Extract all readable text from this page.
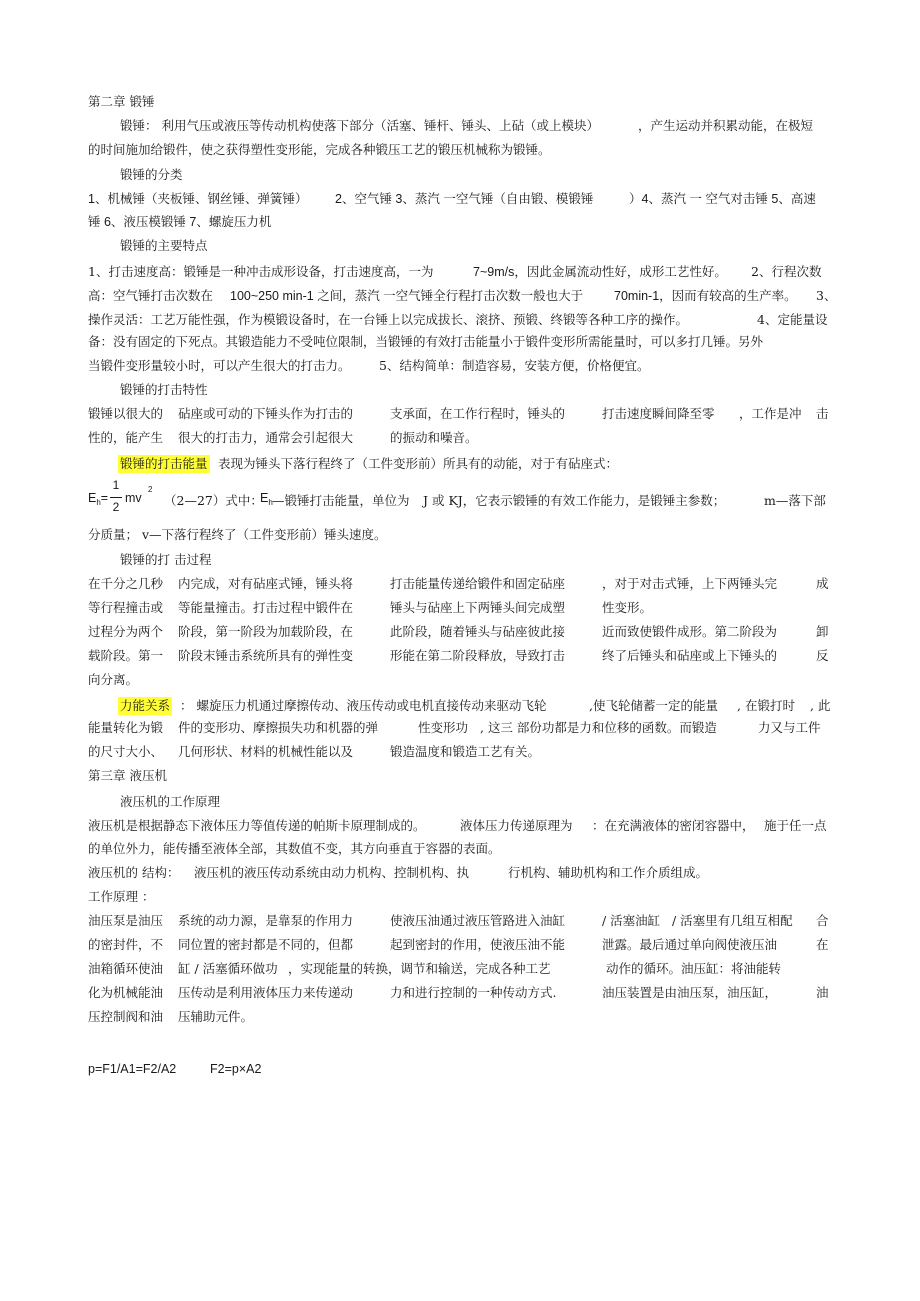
第二章 锻锤
锻锤： 利用气压或液压等传动机构使落下部分（活塞、锤杆、锤头、上砧（或上模块）	，产生运动并积累动能，在极短
的时间施加给锻件，使之获得塑性变形能，完成各种锻压工艺的锻压机械称为锻锤。
锻锤的分类
1、机械锤（夹板锤、钢丝锤、弹簧锤） 2、空气锤 3、蒸汽 一空气锤（自由锻、模锻锤	）4、蒸汽 一 空气对击锤 5、高速
锤 6、液压模锻锤 7、螺旋压力机
锻锤的主要特点
1、打击速度高：锻锤是一种冲击成形设备，打击速度高，一为	7~9m/s，因此金属流动性好，成形工艺性好。 2、行程次数
高：空气锤打击次数在 100~250 min-1 之间，蒸汽 一空气锤全行程打击次数一般也大于 70min-1，因而有较高的生产率。 3、
操作灵活：工艺万能性强，作为模锻设备时，在一台锤上以完成拔长、滚挤、预锻、终锻等各种工序的操作。	4、定能量设
备：没有固定的下死点。其锻造能力不受吨位限制，当锻锤的有效打击能量小于锻件变形所需能量时，可以多打几锤。另外
当锻件变形量较小时，可以产生很大的打击力。 5、结构简单：制造容易，安装方便，价格便宜。
锻锤的打击特性
锻锤以很大的 砧座或可动的下锤头作为打击的	支承面，在工作行程时，锤头的	打击速度瞬间降至零 ，工作是冲 击
性的，能产生 很大的打击力，通常会引起很大	的振动和噪音。
锻锤的打击能量 表现为锤头下落行程终了（工件变形前）所具有的动能，对于有砧座式：
$E_h=$
1
2
mv
2
（2—27）式中：
$E_h$ —锻锤打击能量，单位为 J 或 KJ，它表示锻锤的有效工作能力，是锻锤主参数；	m—落下部
分质量； v—下落行程终了（工件变形前）锤头速度。
锻锤的打 击过程
在千分之几秒 内完成，对有砧座式锤，锤头将	打击能量传递给锻件和固定砧座	，对于对击式锤，上下两锤头完	成
等行程撞击或 等能量撞击。打击过程中锻件在	锤头与砧座上下两锤头间完成塑	性变形。
过程分为两个 阶段，第一阶段为加载阶段，在	此阶段，随着锤头与砧座彼此接	近而致使锻件成形。第二阶段为	卸
载阶段。第一 阶段末锤击系统所具有的弹性变	形能在第二阶段释放，导致打击	终了后锤头和砧座或上下锤头的	反
向分离。
力能关系 ： 螺旋压力机通过摩擦传动、液压传动或电机直接传动来驱动飞轮	,使飞轮储蓄一定的能量 , 在锻打时 , 此
能量转化为锻 件的变形功、摩擦损失功和机器的弹	性变形功 , 这三 部份功都是力和位移的函数。而锻造	力又与工件
的尺寸大小、 几何形状、材料的机械性能以及	锻造温度和锻造工艺有关。
第三章 液压机
液压机的工作原理
液压机是根据静态下液体压力等值传递的帕斯卡原理制成的。	液体压力传递原理为 ：在充满液体的密闭容器中， 施于任一点
的单位外力，能传播至液体全部，其数值不变，其方向垂直于容器的表面。
液压机的 结构： 液压机的液压传动系统由动力机构、控制机构、执	行机构、辅助机构和工作介质组成。
工作原理 ：
油压泵是油压 系统的动力源，是靠泵的作用力	使液压油通过液压管路进入油缸	/ 活塞油缸 / 活塞里有几组互相配 合
的密封件，不 同位置的密封都是不同的，但都	起到密封的作用，使液压油不能	泄露。最后通过单向阀使液压油	在
油箱循环使油 缸 / 活塞循环做功 ，实现能量的转换，调节和输送，完成各种工艺	动作的循环。油压缸：将油能转
化为机械能油 压传动是利用液体压力来传递动	力和进行控制的一种传动方式.	油压装置是由油压泵，油压缸，	油
压控制阀和油 压辅助元件。
p=F1/A1=F2/A2	F2=p×A2
